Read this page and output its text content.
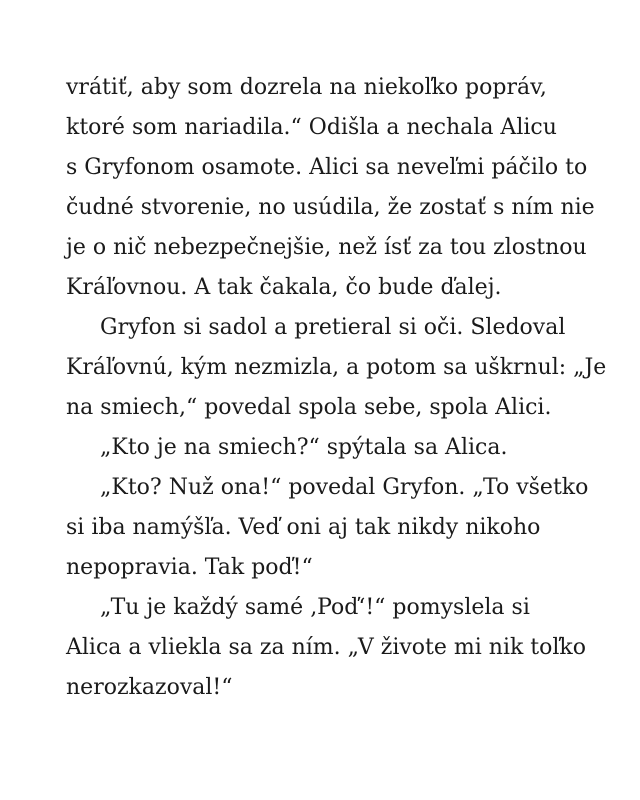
vrátiť, aby som dozrela na niekoľko popráv,
ktoré som nariadila.“ Odišla a nechala Alicu
s Gryfonom osamote. Alici sa neveľmi páčilo to
čudné stvorenie, no usúdila, že zostať s ním nie
je o nič nebezpečnejšie, než ísť za tou zlostnou
Kráľovnou. A tak čakala, čo bude ďalej.
Gryfon si sadol a pretieral si oči. Sledoval
Kráľovnú, kým nezmizla, a potom sa uškrnul: „Je
na smiech,“ povedal spola sebe, spola Alici.
„Kto je na smiech?“ spýtala sa Alica.
„Kto? Nuž ona!“ povedal Gryfon. „To všetko
si iba namýšľa. Veď oni aj tak nikdy nikoho
nepopravia. Tak poď!“
„Tu je každý samé ‚Poď‘!“ pomyslela si
Alica a vliekla sa za ním. „V živote mi nik toľko
nerozkazoval!“
